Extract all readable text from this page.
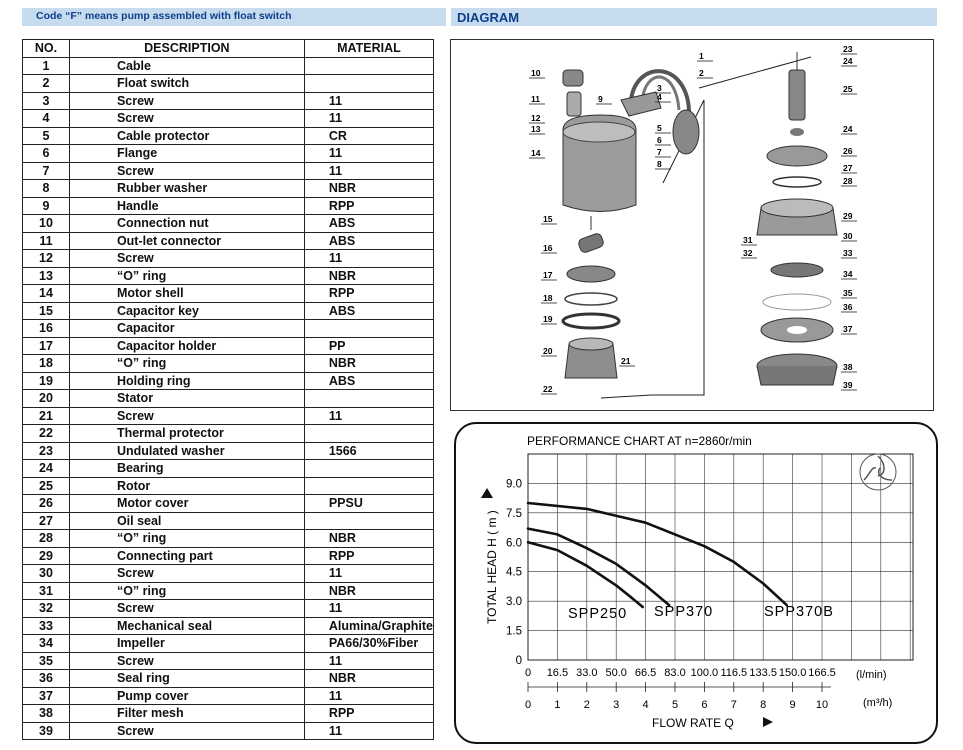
Code “F” means pump assembled with float switch	DIAGRAM
NO.	DESCRIPTION	MATERIAL
1	Cable	
2	Float switch	
3	Screw	11
4	Screw	11
5	Cable protector	CR
6	Flange	11
7	Screw	11
8	Rubber washer	NBR
9	Handle	RPP
10	Connection nut	ABS
11	Out-let connector	ABS
12	Screw	11
13	“O” ring	NBR
14	Motor shell	RPP
15	Capacitor key	ABS
16	Capacitor	
17	Capacitor holder	PP
18	“O” ring	NBR
19	Holding ring	ABS
20	Stator	
21	Screw	11
22	Thermal protector	
23	Undulated washer	1566
24	Bearing	
25	Rotor	
26	Motor cover	PPSU
27	Oil seal	
28	“O” ring	NBR
29	Connecting part	RPP
30	Screw	11
31	“O” ring	NBR
32	Screw	11
33	Mechanical seal	Alumina/Graphite
34	Impeller	PA66/30%Fiber
35	Screw	11
36	Seal ring	NBR
37	Pump cover	11
38	Filter mesh	RPP
39	Screw	11
1
2
3
4
5
6
7
8
9
10
11
12
13
14
15
16
17
18
19
20
21
22
23
24
25
24
26
27
28
29
30
31
32	33
34
35
36
37
38
39
PERFORMANCE CHART AT n=2860r/min
0
1.5
3.0
4.5
6.0
7.5
9.0
0 16.5 33.0 50.0 66.5 83.0 100.0 116.5 133.5 150.0 166.5
0 1 2 3 4 5 6 7 8 9 10
SPP250 SPP370	SPP370B
TOTAL HEAD H ( m )
FLOW RATE Q
(l/min)
(m³/h)
